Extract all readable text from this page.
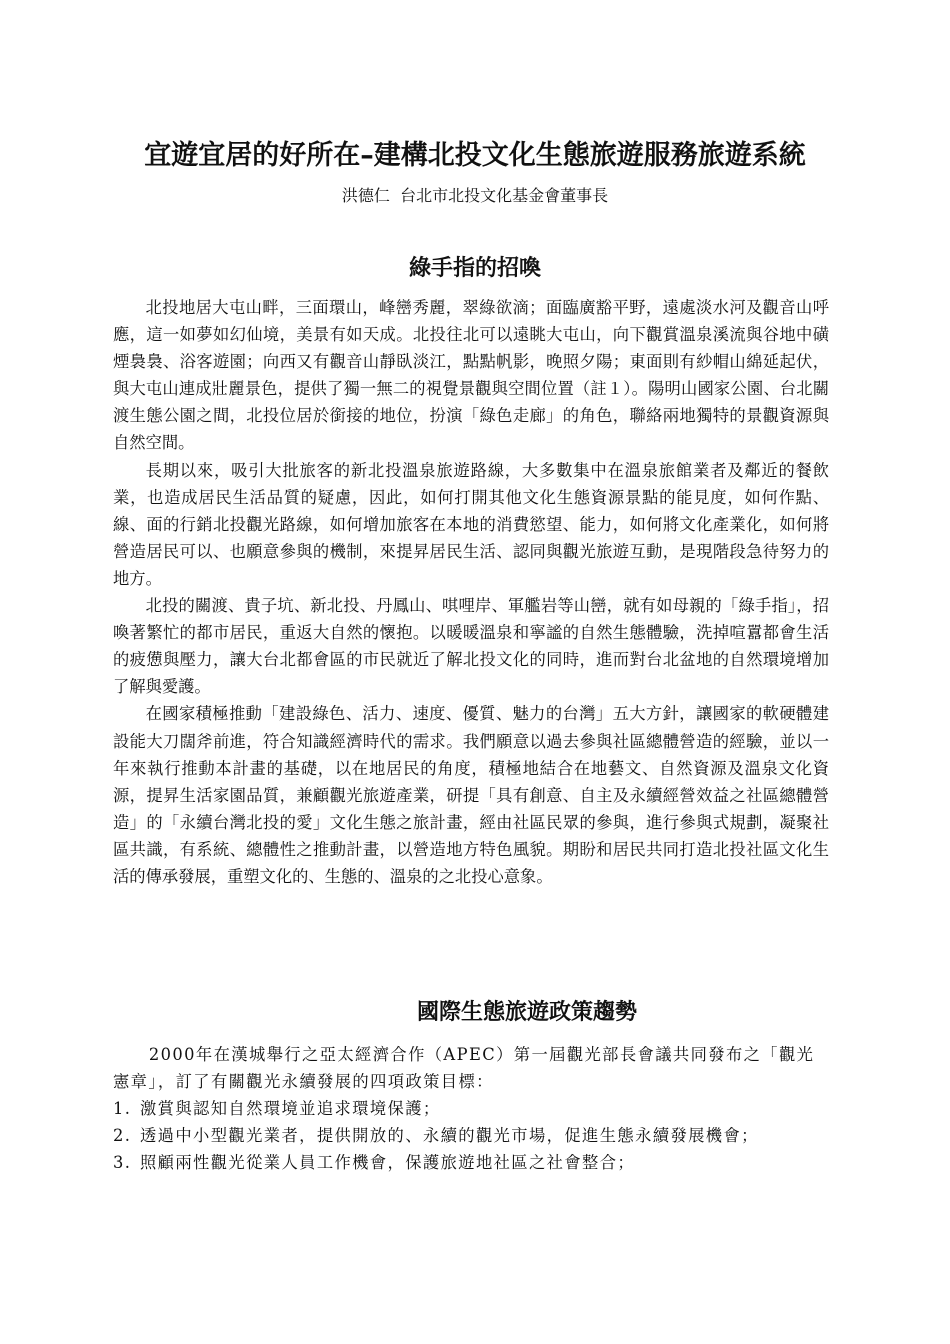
宜遊宜居的好所在–建構北投文化生態旅遊服務旅遊系統
洪德仁  台北市北投文化基金會董事長
綠手指的招喚

北投地居大屯山畔，三面環山，峰巒秀麗，翠綠欲滴；面臨廣豁平野，遠處淡水河及觀音山呼應，這一如夢如幻仙境，美景有如天成。北投往北可以遠眺大屯山，向下觀賞溫泉溪流與谷地中磺煙裊裊、浴客遊園；向西又有觀音山靜臥淡江，點點帆影，晚照夕陽；東面則有紗帽山綿延起伏，與大屯山連成壯麗景色，提供了獨一無二的視覺景觀與空間位置（註１）。陽明山國家公園、台北關渡生態公園之間，北投位居於銜接的地位，扮演「綠色走廊」的角色，聯絡兩地獨特的景觀資源與自然空間。

長期以來，吸引大批旅客的新北投溫泉旅遊路線，大多數集中在溫泉旅館業者及鄰近的餐飲業，也造成居民生活品質的疑慮，因此，如何打開其他文化生態資源景點的能見度，如何作點、線、面的行銷北投觀光路線，如何增加旅客在本地的消費慾望、能力，如何將文化產業化，如何將營造居民可以、也願意參與的機制，來提昇居民生活、認同與觀光旅遊互動，是現階段急待努力的地方。

北投的關渡、貴子坑、新北投、丹鳳山、唭哩岸、軍艦岩等山巒，就有如母親的「綠手指」，招喚著繁忙的都市居民，重返大自然的懷抱。以暖暖溫泉和寧謐的自然生態體驗，洗掉喧囂都會生活的疲憊與壓力，讓大台北都會區的市民就近了解北投文化的同時，進而對台北盆地的自然環境增加了解與愛護。

在國家積極推動「建設綠色、活力、速度、優質、魅力的台灣」五大方針，讓國家的軟硬體建設能大刀闊斧前進，符合知識經濟時代的需求。我們願意以過去參與社區總體營造的經驗，並以一年來執行推動本計畫的基礎，以在地居民的角度，積極地結合在地藝文、自然資源及溫泉文化資源，提昇生活家園品質，兼顧觀光旅遊產業，研提「具有創意、自主及永續經營效益之社區總體營造」的「永續台灣北投的愛」文化生態之旅計畫，經由社區民眾的參與，進行參與式規劃，凝聚社區共識，有系統、總體性之推動計畫，以營造地方特色風貌。期盼和居民共同打造北投社區文化生活的傳承發展，重塑文化的、生態的、溫泉的之北投心意象。

國際生態旅遊政策趨勢

2000年在漢城舉行之亞太經濟合作（APEC）第一屆觀光部長會議共同發布之「觀光憲章」，訂了有關觀光永續發展的四項政策目標：

1. 激賞與認知自然環境並追求環境保護；
2. 透過中小型觀光業者，提供開放的、永續的觀光市場，促進生態永續發展機會；
3. 照顧兩性觀光從業人員工作機會，保護旅遊地社區之社會整合；
